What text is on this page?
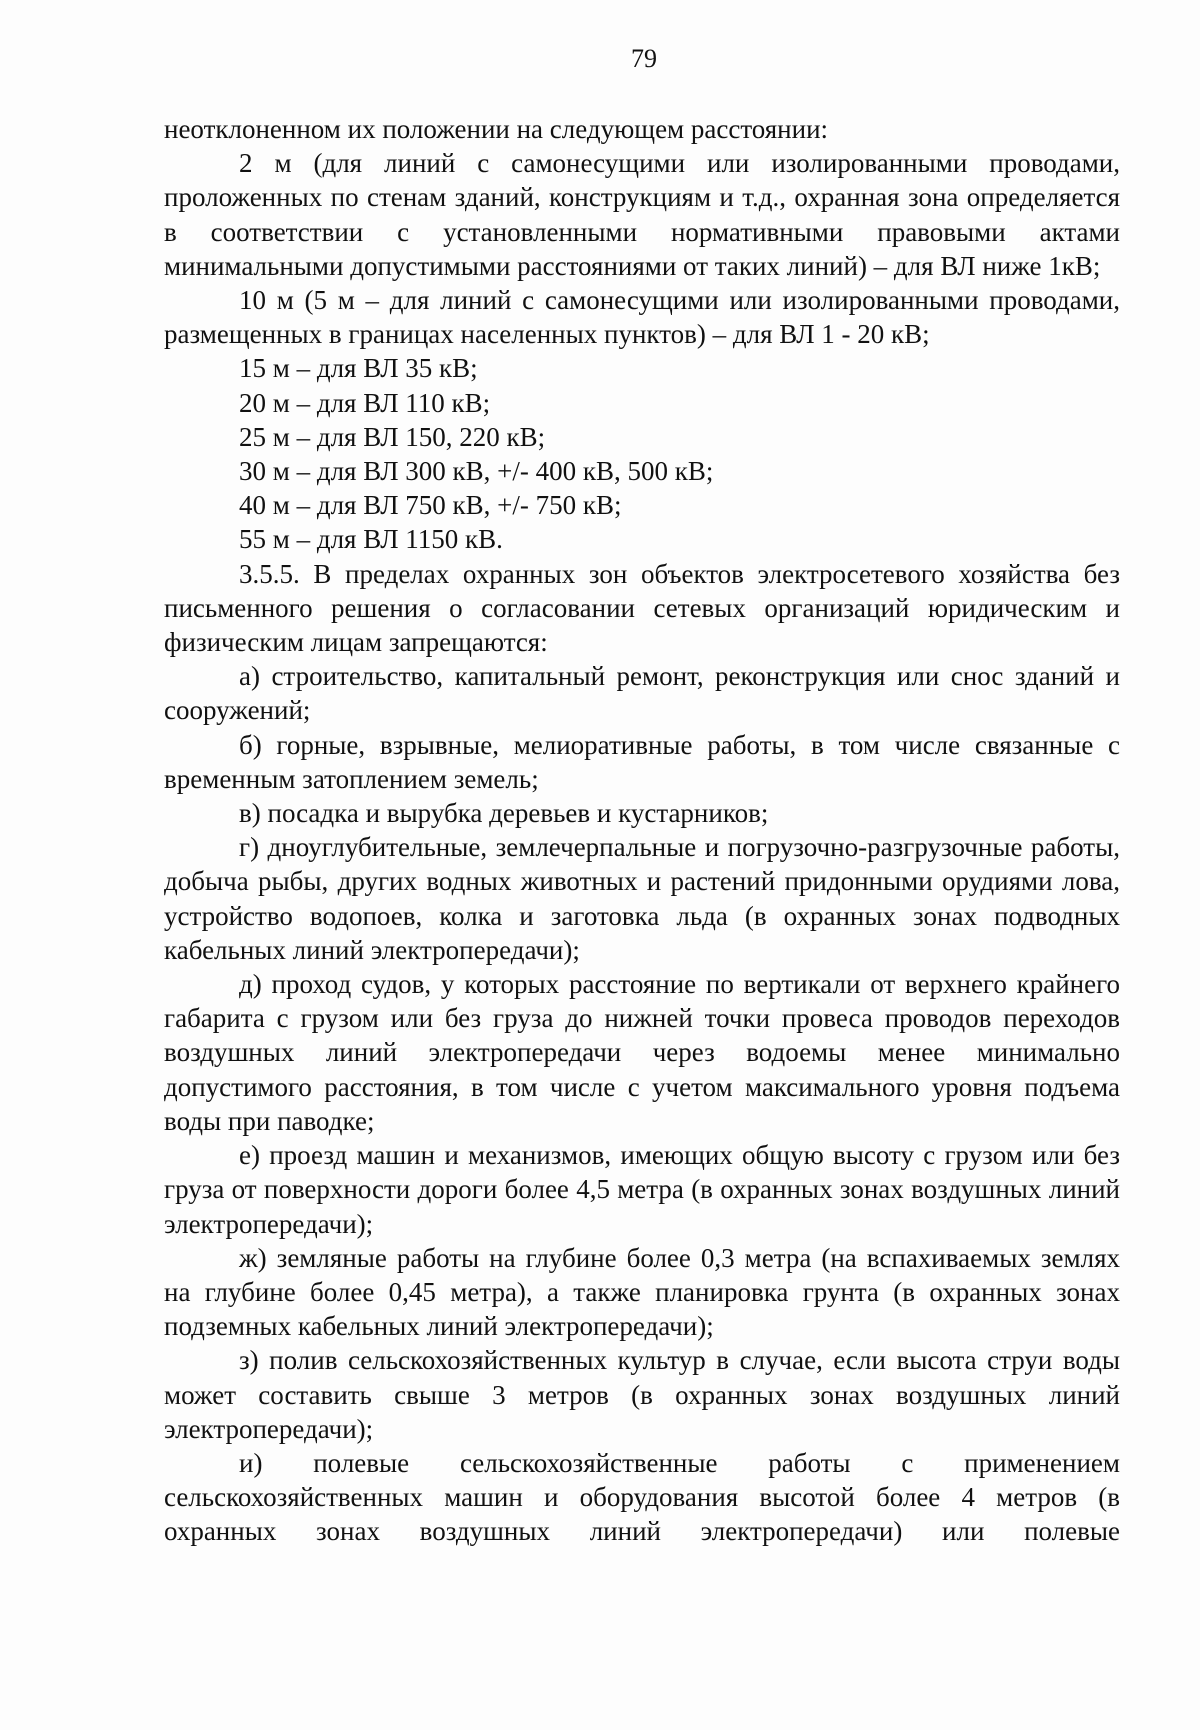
79

неотклоненном их положении на следующем расстоянии:

2 м (для линий с самонесущими или изолированными проводами, проложенных по стенам зданий, конструкциям и т.д., охранная зона определяется в соответствии с установленными нормативными правовыми актами минимальными допустимыми расстояниями от таких линий) – для ВЛ ниже 1кВ;

10 м (5 м – для линий с самонесущими или изолированными проводами, размещенных в границах населенных пунктов) – для ВЛ 1 - 20 кВ;

15 м – для ВЛ 35 кВ;

20 м – для ВЛ 110 кВ;

25 м – для ВЛ 150, 220 кВ;

30 м – для ВЛ 300 кВ, +/- 400 кВ, 500 кВ;

40 м – для ВЛ 750 кВ, +/- 750 кВ;

55 м – для ВЛ 1150 кВ.

3.5.5. В пределах охранных зон объектов электросетевого хозяйства без письменного решения о согласовании сетевых организаций юридическим и физическим лицам запрещаются:

а) строительство, капитальный ремонт, реконструкция или снос зданий и сооружений;

б) горные, взрывные, мелиоративные работы, в том числе связанные с временным затоплением земель;

в) посадка и вырубка деревьев и кустарников;

г) дноуглубительные, землечерпальные и погрузочно-разгрузочные работы, добыча рыбы, других водных животных и растений придонными орудиями лова, устройство водопоев, колка и заготовка льда (в охранных зонах подводных кабельных линий электропередачи);

д) проход судов, у которых расстояние по вертикали от верхнего крайнего габарита с грузом или без груза до нижней точки провеса проводов переходов воздушных линий электропередачи через водоемы менее минимально допустимого расстояния, в том числе с учетом максимального уровня подъема воды при паводке;

е) проезд машин и механизмов, имеющих общую высоту с грузом или без груза от поверхности дороги более 4,5 метра (в охранных зонах воздушных линий электропередачи);

ж) земляные работы на глубине более 0,3 метра (на вспахиваемых землях на глубине более 0,45 метра), а также планировка грунта (в охранных зонах подземных кабельных линий электропередачи);

з) полив сельскохозяйственных культур в случае, если высота струи воды может составить свыше 3 метров (в охранных зонах воздушных линий электропередачи);

и) полевые сельскохозяйственные работы с применением сельскохозяйственных машин и оборудования высотой более 4 метров (в охранных зонах воздушных линий электропередачи) или полевые
